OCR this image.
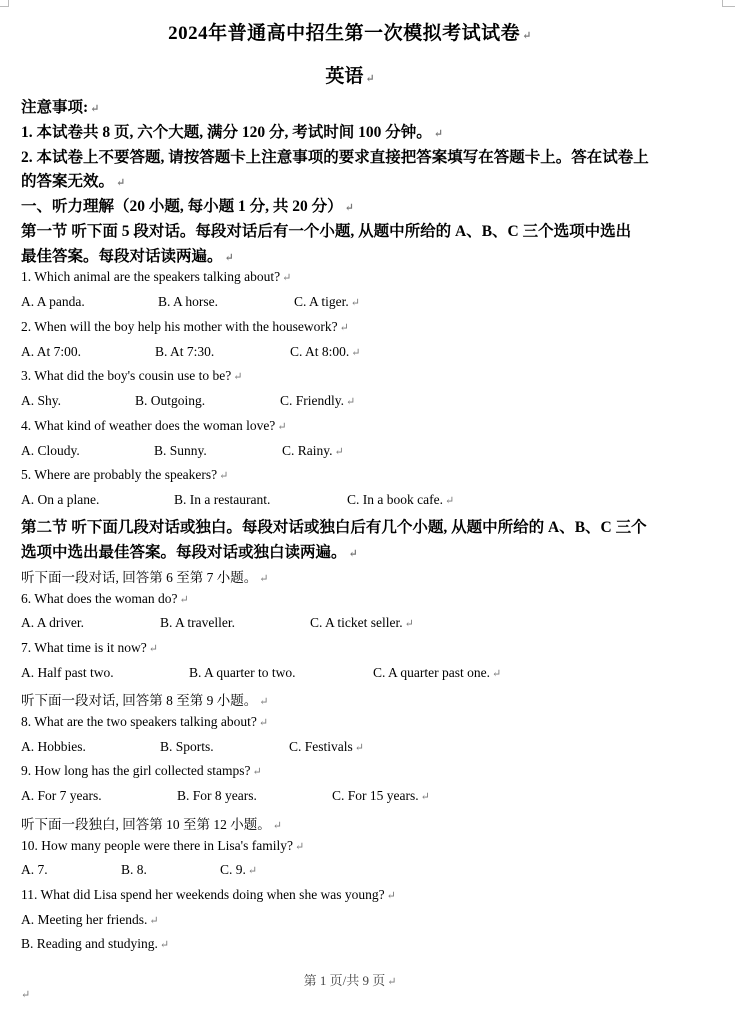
2024年普通高中招生第一次模拟考试试卷 ↵
英语 ↵
注意事项: ↵
1. 本试卷共 8 页, 六个大题, 满分 120 分, 考试时间 100 分钟。 ↵
2. 本试卷上不要答题, 请按答题卡上注意事项的要求直接把答案填写在答题卡上。答在试卷上
的答案无效。 ↵
一、听力理解（20 小题, 每小题 1 分, 共 20 分） ↵
第一节 听下面 5 段对话。每段对话后有一个小题, 从题中所给的 A、B、C 三个选项中选出
最佳答案。每段对话读两遍。 ↵
1. Which animal are the speakers talking about? ↵
A. A panda.	B. A horse.	C. A tiger. ↵
2. When will the boy help his mother with the housework? ↵
A. At 7:00.	B. At 7:30.	C. At 8:00. ↵
3. What did the boy's cousin use to be? ↵
A. Shy.	B. Outgoing.	C. Friendly. ↵
4. What kind of weather does the woman love? ↵
A. Cloudy.	B. Sunny.	C. Rainy. ↵
5. Where are probably the speakers? ↵
A. On a plane.	B. In a restaurant.	C. In a book cafe. ↵
第二节 听下面几段对话或独白。每段对话或独白后有几个小题, 从题中所给的 A、B、C 三个
选项中选出最佳答案。每段对话或独白读两遍。 ↵
听下面一段对话, 回答第 6 至第 7 小题。 ↵
6. What does the woman do? ↵
A. A driver.	B. A traveller.	C. A ticket seller. ↵
7. What time is it now? ↵
A. Half past two.	B. A quarter to two.	C. A quarter past one. ↵
听下面一段对话, 回答第 8 至第 9 小题。 ↵
8. What are the two speakers talking about? ↵
A. Hobbies.	B. Sports.	C. Festivals ↵
9. How long has the girl collected stamps? ↵
A. For 7 years.	B. For 8 years.	C. For 15 years. ↵
听下面一段独白, 回答第 10 至第 12 小题。 ↵
10. How many people were there in Lisa's family? ↵
A. 7.	B. 8.	C. 9. ↵
11. What did Lisa spend her weekends doing when she was young? ↵
A. Meeting her friends. ↵
B. Reading and studying. ↵
第 1 页/共 9 页 ↵
↵
